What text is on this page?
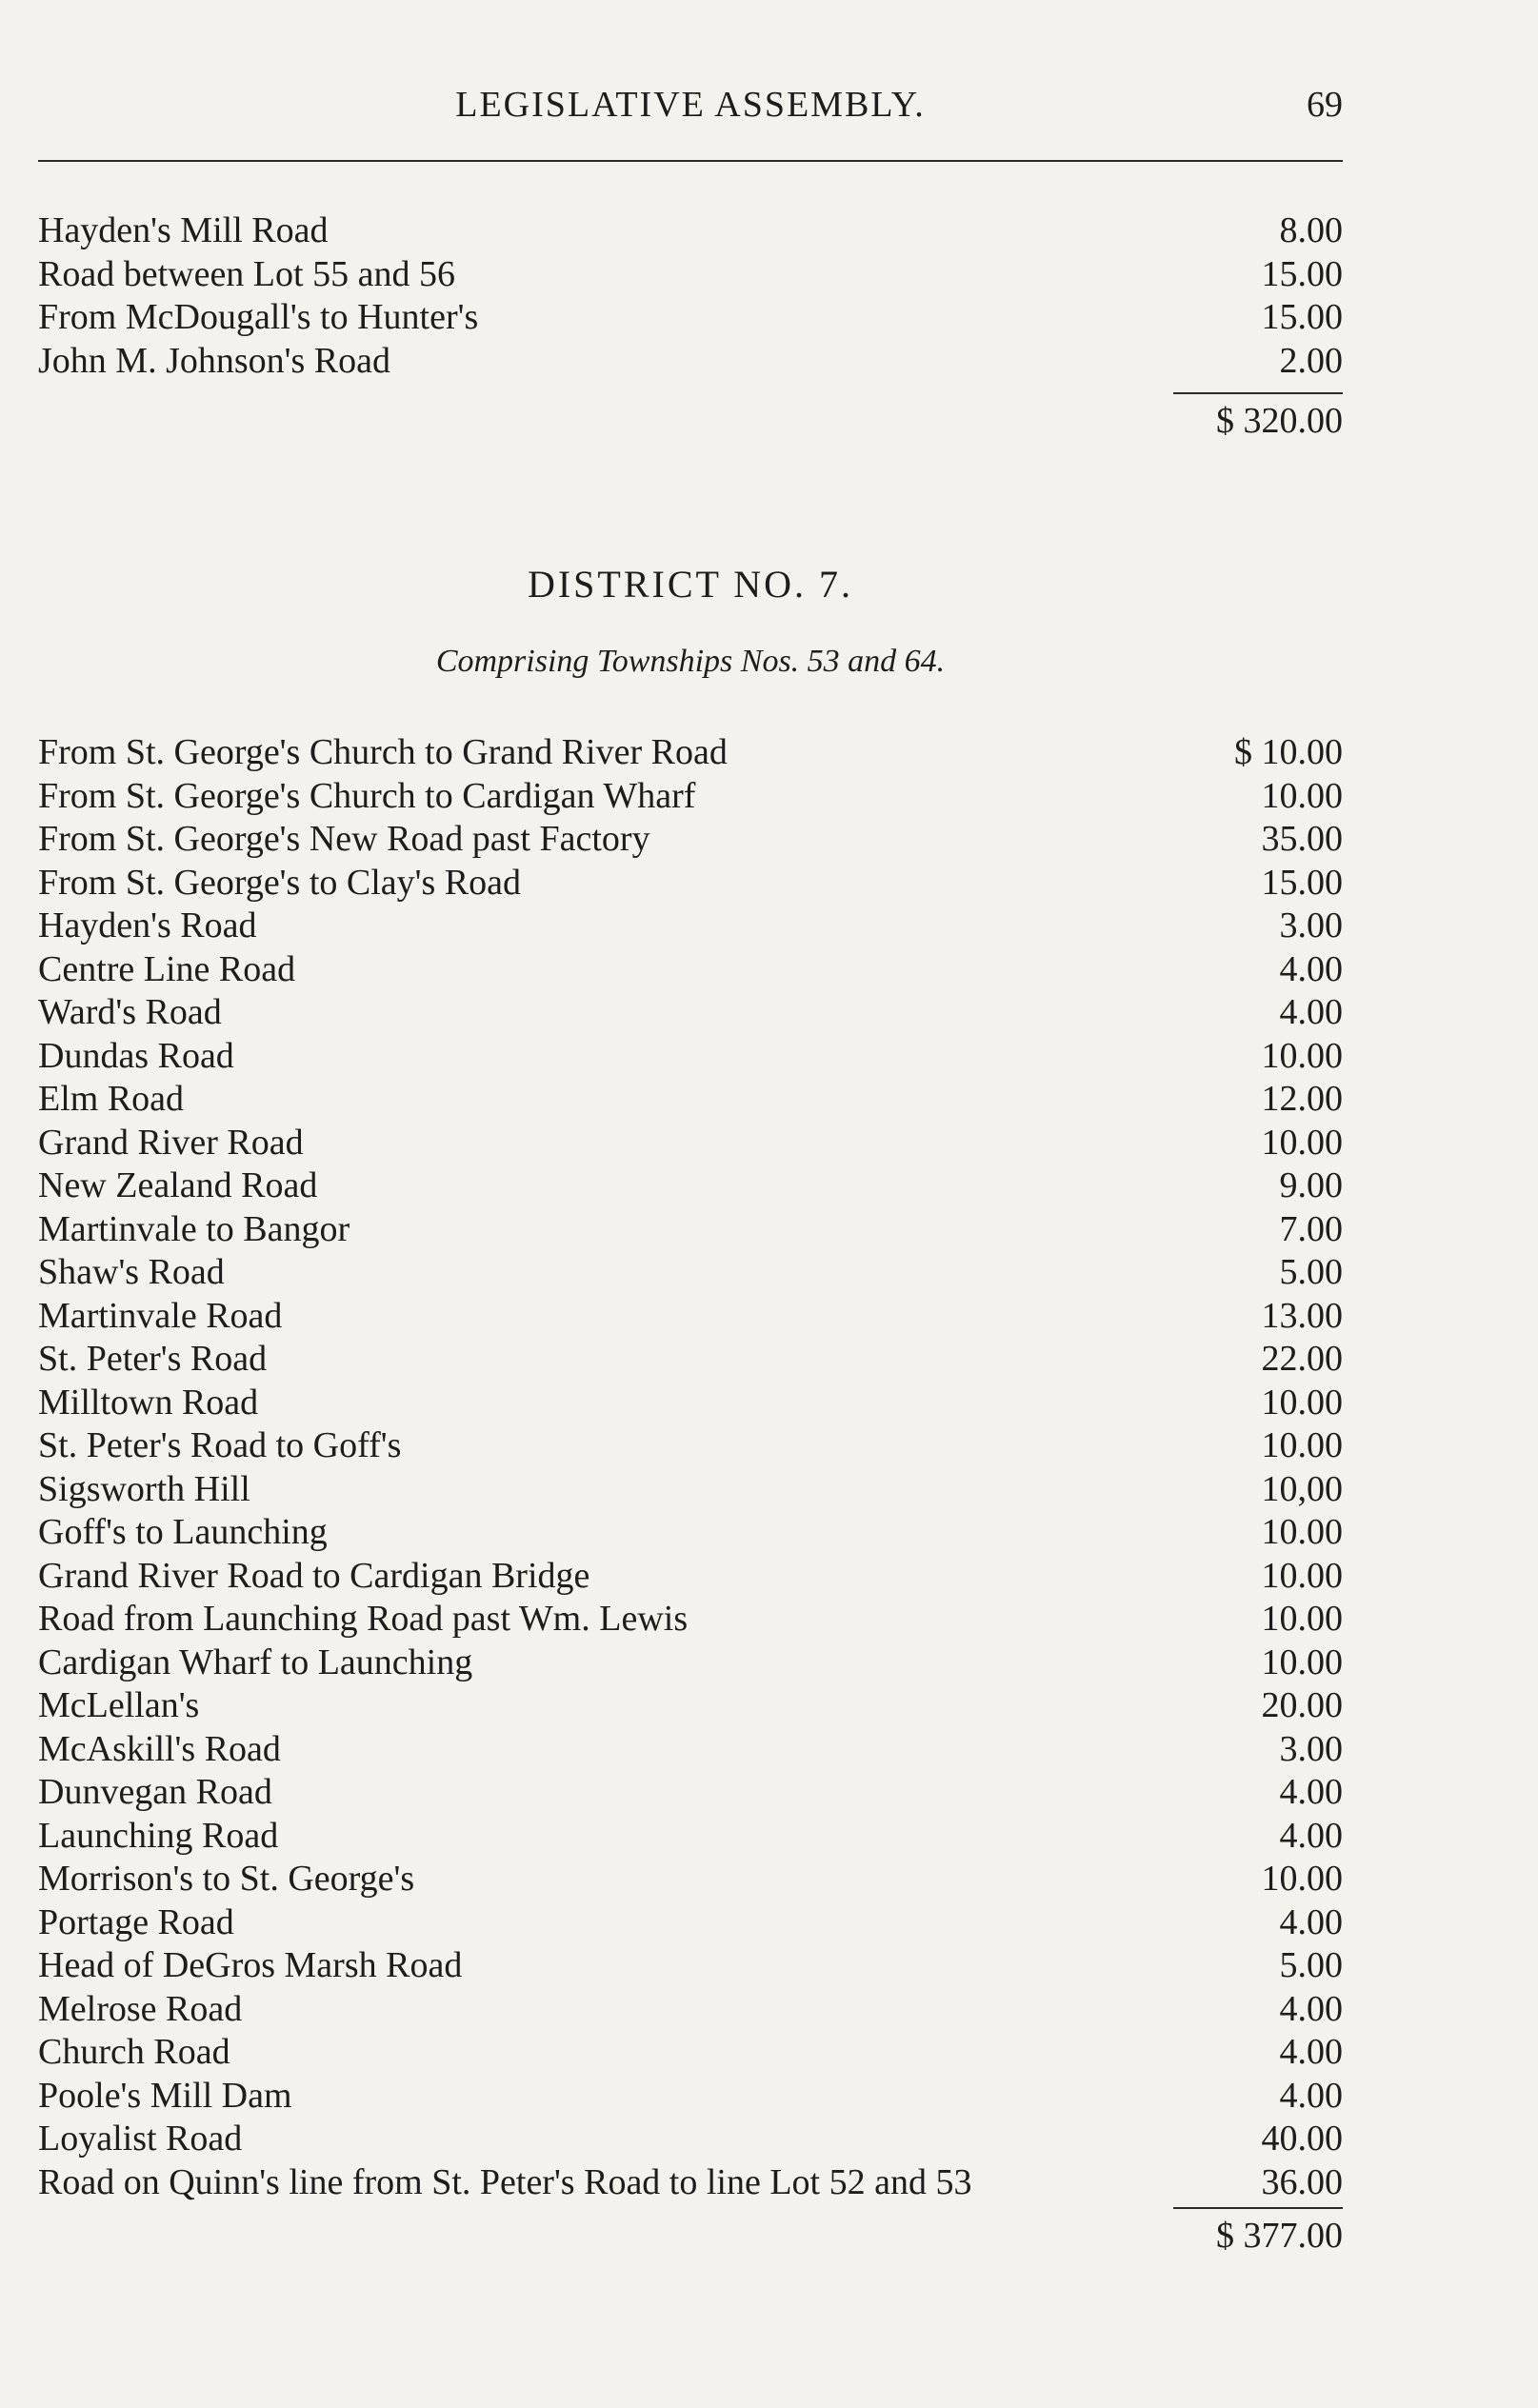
LEGISLATIVE ASSEMBLY.	69
Hayden's Mill Road	8.00
Road between Lot 55 and 56	15.00
From McDougall's to Hunter's	15.00
John M. Johnson's Road	2.00
$ 320.00
DISTRICT NO. 7.
Comprising Townships Nos. 53 and 64.
From St. George's Church to Grand River Road	$ 10.00
From St. George's Church to Cardigan Wharf	10.00
From St. George's New Road past Factory	35.00
From St. George's to Clay's Road	15.00
Hayden's Road	3.00
Centre Line Road	4.00
Ward's Road	4.00
Dundas Road	10.00
Elm Road	12.00
Grand River Road	10.00
New Zealand Road	9.00
Martinvale to Bangor	7.00
Shaw's Road	5.00
Martinvale Road	13.00
St. Peter's Road	22.00
Milltown Road	10.00
St. Peter's Road to Goff's	10.00
Sigsworth Hill	10,00
Goff's to Launching	10.00
Grand River Road to Cardigan Bridge	10.00
Road from Launching Road past Wm. Lewis	10.00
Cardigan Wharf to Launching	10.00
McLellan's	20.00
McAskill's Road	3.00
Dunvegan Road	4.00
Launching Road	4.00
Morrison's to St. George's	10.00
Portage Road	4.00
Head of DeGros Marsh Road	5.00
Melrose Road	4.00
Church Road	4.00
Poole's Mill Dam	4.00
Loyalist Road	40.00
Road on Quinn's line from St. Peter's Road to line Lot 52 and 53	36.00
$ 377.00
